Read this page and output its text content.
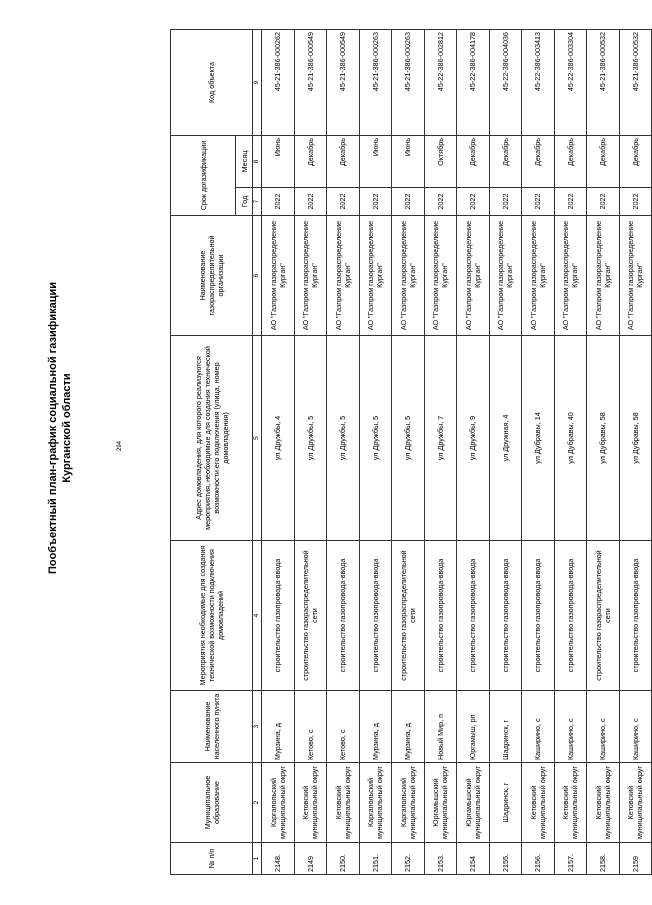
294
Пообъектный план-график социальной газификации Курганской области
№ п/п	Муниципальное образование	Наименование населенного пункта	Мероприятия необходимые для создания технической возможности подключения домовладений	Адрес домовладения, для которого реализуются мероприятия, необходимые для создания технической возможности его подключения (улица, номер домовладения)	Наименование газораспределительной организации	Срок догазификации		Код объекта
						Год	Месяц	
1	2	3	4	5	6	7	8	9
2148.	Каргапольский муниципальный округ	Мурзина, д	строительство газопровода-ввода	ул Дружбы, 4	АО "Газпром газораспределение Курган"	2022	Июнь	45-21-386-000262
2149	Кетовский муниципальный округ	Кетово, с	строительство газораспределительной сети	ул Дружбы, 5	АО "Газпром газораспределение Курган"	2022	Декабрь	45-21-386-000549
2150.	Кетовский муниципальный округ	Кетово, с	строительство газопровода-ввода	ул Дружбы, 5	АО "Газпром газораспределение Курган"	2022	Декабрь	45-21-386-000549
2151.	Каргапольский муниципальный округ	Мурзина, д	строительство газопровода-ввода	ул Дружбы, 5	АО "Газпром газораспределение Курган"	2022	Июнь	45-21-386-000263
2152.	Каргапольский муниципальный округ	Мурзина, д	строительство газораспределительной сети	ул Дружбы, 5	АО "Газпром газораспределение Курган"	2022	Июнь	45-21-386-000263
2153.	Юргамышский муниципальный округ	Новый Мир, п	строительство газопровода-ввода	ул Дружбы, 7	АО "Газпром газораспределение Курган"	2022	Октябрь	45-22-386-002812
2154	Юргамышский муниципальный округ	Юргамыш, рп	строительство газопровода-ввода	ул Дружбы, 9	АО "Газпром газораспределение Курган"	2022	Декабрь	45-22-386-004178
2155.	Шадринск, г	Шадринск, г	строительство газопровода-ввода	ул Дружная, 4	АО "Газпром газораспределение Курган"	2022	Декабрь	45-22-386-004036
2156.	Кетовский муниципальный округ	Каширино, с	строительство газопровода-ввода	ул Дубравы, 14	АО "Газпром газораспределение Курган"	2022	Декабрь	45-22-386-003413
2157.	Кетовский муниципальный округ	Каширино, с	строительство газопровода-ввода	ул Дубравы, 40	АО "Газпром газораспределение Курган"	2022	Декабрь	45-22-386-003304
2158.	Кетовский муниципальный округ	Каширино, с	строительство газораспределительной сети	ул Дубравы, 58	АО "Газпром газораспределение Курган"	2022	Декабрь	45-21-386-000532
2159	Кетовский муниципальный округ	Каширино, с	строительство газопровода-ввода	ул Дубравы, 58	АО "Газпром газораспределение Курган"	2022	Декабрь	45-21-386-000532
